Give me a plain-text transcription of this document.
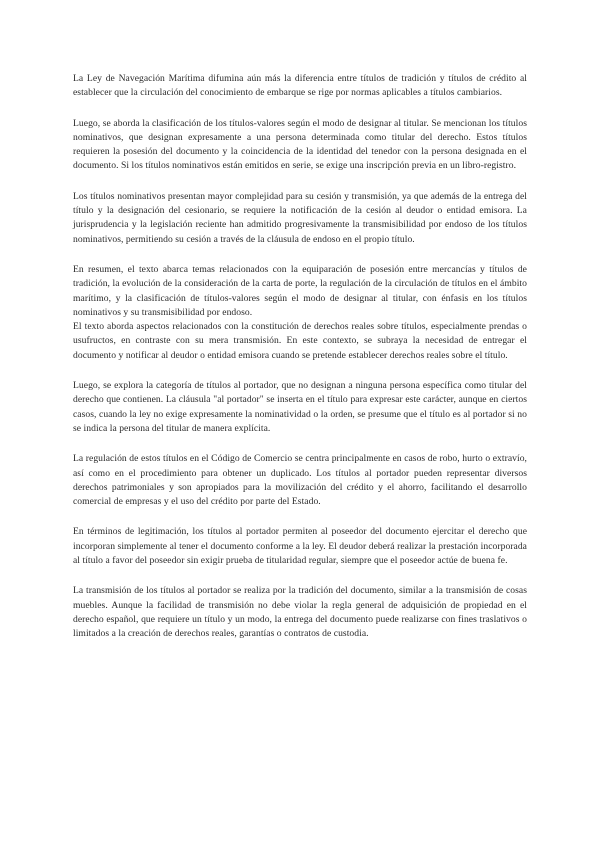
La Ley de Navegación Marítima difumina aún más la diferencia entre títulos de tradición y títulos de crédito al establecer que la circulación del conocimiento de embarque se rige por normas aplicables a títulos cambiarios.

Luego, se aborda la clasificación de los títulos-valores según el modo de designar al titular. Se mencionan los títulos nominativos, que designan expresamente a una persona determinada como titular del derecho. Estos títulos requieren la posesión del documento y la coincidencia de la identidad del tenedor con la persona designada en el documento. Si los títulos nominativos están emitidos en serie, se exige una inscripción previa en un libro-registro.

Los títulos nominativos presentan mayor complejidad para su cesión y transmisión, ya que además de la entrega del título y la designación del cesionario, se requiere la notificación de la cesión al deudor o entidad emisora. La jurisprudencia y la legislación reciente han admitido progresivamente la transmisibilidad por endoso de los títulos nominativos, permitiendo su cesión a través de la cláusula de endoso en el propio título.

En resumen, el texto abarca temas relacionados con la equiparación de posesión entre mercancías y títulos de tradición, la evolución de la consideración de la carta de porte, la regulación de la circulación de títulos en el ámbito marítimo, y la clasificación de títulos-valores según el modo de designar al titular, con énfasis en los títulos nominativos y su transmisibilidad por endoso.

El texto aborda aspectos relacionados con la constitución de derechos reales sobre títulos, especialmente prendas o usufructos, en contraste con su mera transmisión. En este contexto, se subraya la necesidad de entregar el documento y notificar al deudor o entidad emisora cuando se pretende establecer derechos reales sobre el título.

Luego, se explora la categoría de títulos al portador, que no designan a ninguna persona específica como titular del derecho que contienen. La cláusula "al portador" se inserta en el título para expresar este carácter, aunque en ciertos casos, cuando la ley no exige expresamente la nominatividad o la orden, se presume que el título es al portador si no se indica la persona del titular de manera explícita.

La regulación de estos títulos en el Código de Comercio se centra principalmente en casos de robo, hurto o extravío, así como en el procedimiento para obtener un duplicado. Los títulos al portador pueden representar diversos derechos patrimoniales y son apropiados para la movilización del crédito y el ahorro, facilitando el desarrollo comercial de empresas y el uso del crédito por parte del Estado.

En términos de legitimación, los títulos al portador permiten al poseedor del documento ejercitar el derecho que incorporan simplemente al tener el documento conforme a la ley. El deudor deberá realizar la prestación incorporada al título a favor del poseedor sin exigir prueba de titularidad regular, siempre que el poseedor actúe de buena fe.

La transmisión de los títulos al portador se realiza por la tradición del documento, similar a la transmisión de cosas muebles. Aunque la facilidad de transmisión no debe violar la regla general de adquisición de propiedad en el derecho español, que requiere un título y un modo, la entrega del documento puede realizarse con fines traslativos o limitados a la creación de derechos reales, garantías o contratos de custodia.
